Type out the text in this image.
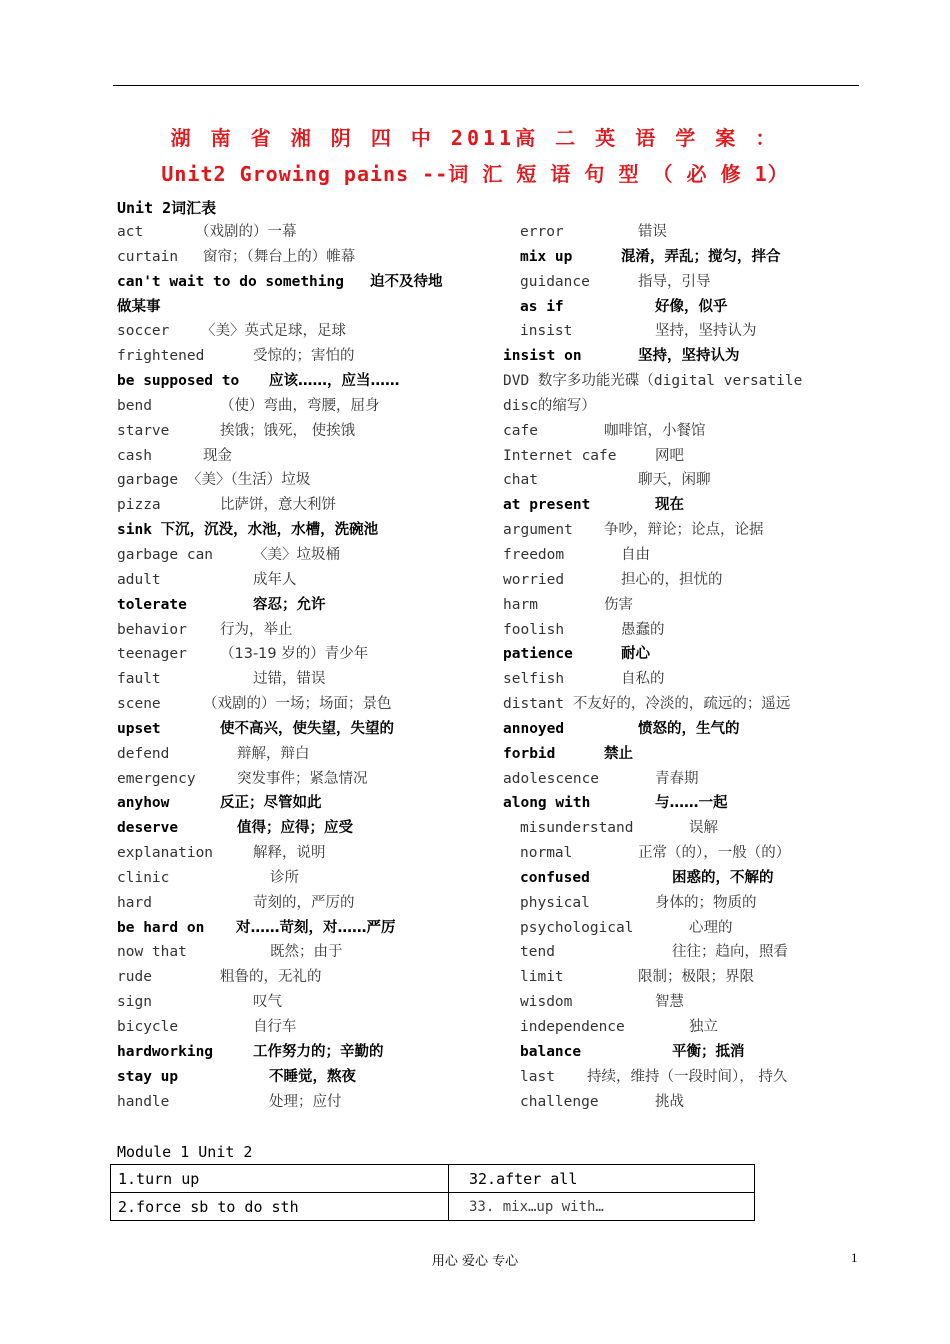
湖 南 省 湘 阴 四 中 2011高 二 英 语 学 案 ：
Unit2 Growing pains --词 汇 短 语 句 型 （ 必 修 1）
Unit 2词汇表
act	（戏剧的）一幕
curtain 窗帘；（舞台上的）帷幕
can't wait to do something 迫不及待地
做某事
soccer 〈美〉英式足球，足球
frightened	受惊的；害怕的
be supposed to 应该……，应当……
bend	（使）弯曲，弯腰，屈身
starve	挨饿；饿死， 使挨饿
cash	现金
garbage 〈美〉（生活）垃圾
pizza	比萨饼，意大利饼
sink 下沉，沉没，水池，水槽，洗碗池
garbage can	〈美〉垃圾桶
adult	成年人
tolerate	容忍；允许
behavior 行为，举止
teenager （13-19 岁的）青少年
fault	过错，错误
scene	（戏剧的）一场；场面；景色
upset	使不高兴，使失望，失望的
defend	辩解，辩白
emergency	突发事件；紧急情况
anyhow	反正；尽管如此
deserve	值得；应得；应受
explanation	解释，说明
clinic	诊所
hard	苛刻的，严厉的
be hard on 对……苛刻，对……严厉
now that	既然；由于
rude	粗鲁的，无礼的
sign	叹气
bicycle	自行车
hardworking	工作努力的；辛勤的
stay up	不睡觉，熬夜
handle	处理；应付
error	错误
mix up	混淆，弄乱；搅匀，拌合
guidance	指导，引导
as if	好像，似乎
insist	坚持，坚持认为
insist on	坚持，坚持认为
DVD 数字多功能光碟（digital versatile
disc的缩写）
cafe	咖啡馆，小餐馆
Internet cafe	网吧
chat	聊天，闲聊
at present	现在
argument 争吵，辩论；论点，论据
freedom	自由
worried	担心的，担忧的
harm	伤害
foolish	愚蠢的
patience	耐心
selfish	自私的
distant 不友好的，冷淡的，疏远的；遥远
annoyed	愤怒的，生气的
forbid	禁止
adolescence	青春期
along with	与……一起
misunderstand	误解
normal	正常（的），一般（的）
confused	困惑的，不解的
physical	身体的；物质的
psychological	心理的
tend	往往；趋向，照看
limit	限制；极限；界限
wisdom	智慧
independence	独立
balance	平衡；抵消
last 持续，维持（一段时间）， 持久
challenge	挑战
Module 1 Unit 2
1.turn up	32.after all
2.force sb to do sth	33. mix…up with…
用心 爱心 专心	1
